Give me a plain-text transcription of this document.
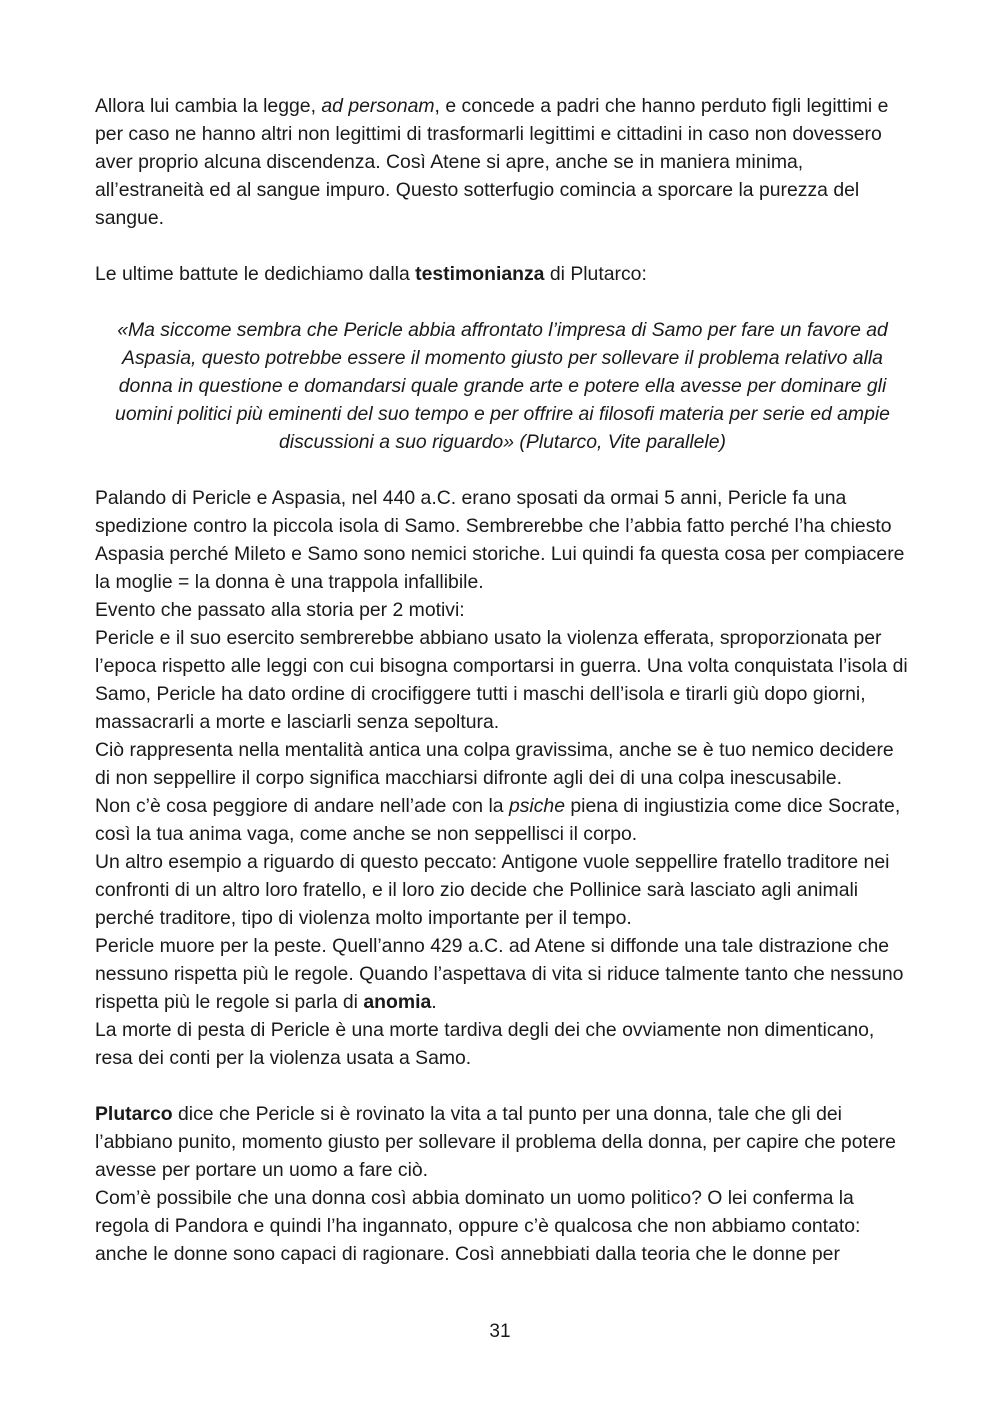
Allora lui cambia la legge, ad personam, e concede a padri che hanno perduto figli legittimi e per caso ne hanno altri non legittimi di trasformarli legittimi e cittadini in caso non dovessero aver proprio alcuna discendenza. Così Atene si apre, anche se in maniera minima, all’estraneità ed al sangue impuro. Questo sotterfugio comincia a sporcare la purezza del sangue.

Le ultime battute le dedichiamo dalla testimonianza di Plutarco:

«Ma siccome sembra che Pericle abbia affrontato l’impresa di Samo per fare un favore ad Aspasia, questo potrebbe essere il momento giusto per sollevare il problema relativo alla donna in questione e domandarsi quale grande arte e potere ella avesse per dominare gli uomini politici più eminenti del suo tempo e per offrire ai filosofi materia per serie ed ampie discussioni a suo riguardo» (Plutarco, Vite parallele)

Palando di Pericle e Aspasia, nel 440 a.C. erano sposati da ormai 5 anni, Pericle fa una spedizione contro la piccola isola di Samo. Sembrerebbe che l’abbia fatto perché l’ha chiesto Aspasia perché Mileto e Samo sono nemici storiche. Lui quindi fa questa cosa per compiacere la moglie = la donna è una trappola infallibile.

Evento che passato alla storia per 2 motivi:

Pericle e il suo esercito sembrerebbe abbiano usato la violenza efferata, sproporzionata per l’epoca rispetto alle leggi con cui bisogna comportarsi in guerra. Una volta conquistata l’isola di Samo, Pericle ha dato ordine di crocifiggere tutti i maschi dell’isola e tirarli giù dopo giorni, massacrarli a morte e lasciarli senza sepoltura.

Ciò rappresenta nella mentalità antica una colpa gravissima, anche se è tuo nemico decidere di non seppellire il corpo significa macchiarsi difronte agli dei di una colpa inescusabile.

Non c’è cosa peggiore di andare nell’ade con la psiche piena di ingiustizia come dice Socrate, così la tua anima vaga, come anche se non seppellisci il corpo.

Un altro esempio a riguardo di questo peccato: Antigone vuole seppellire fratello traditore nei confronti di un altro loro fratello, e il loro zio decide che Pollinice sarà lasciato agli animali perché traditore, tipo di violenza molto importante per il tempo.

Pericle muore per la peste. Quell’anno 429 a.C. ad Atene si diffonde una tale distrazione che nessuno rispetta più le regole. Quando l’aspettava di vita si riduce talmente tanto che nessuno rispetta più le regole si parla di anomia.

La morte di pesta di Pericle è una morte tardiva degli dei che ovviamente non dimenticano, resa dei conti per la violenza usata a Samo.

Plutarco dice che Pericle si è rovinato la vita a tal punto per una donna, tale che gli dei l’abbiano punito, momento giusto per sollevare il problema della donna, per capire che potere avesse per portare un uomo a fare ciò.

Com’è possibile che una donna così abbia dominato un uomo politico? O lei conferma la regola di Pandora e quindi l’ha ingannato, oppure c’è qualcosa che non abbiamo contato: anche le donne sono capaci di ragionare. Così annebbiati dalla teoria che le donne per

31
